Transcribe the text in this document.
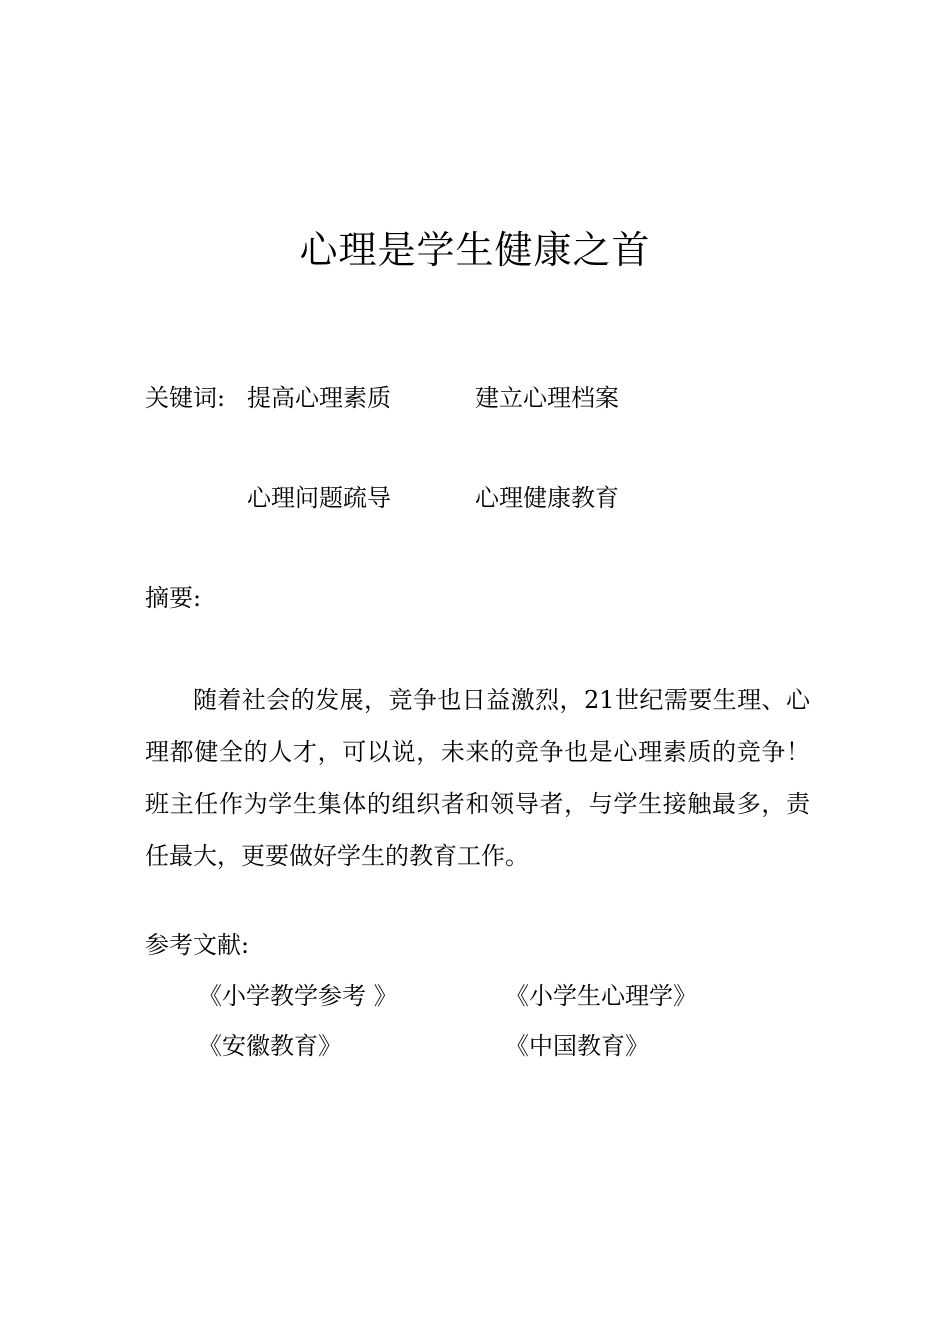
心理是学生健康之首
关键词: 提高心理素质	建立心理档案
心理问题疏导	心理健康教育
摘要:

随着社会的发展，竞争也日益激烈，21世纪需要生理、心理都健全的人才，可以说，未来的竞争也是心理素质的竞争！班主任作为学生集体的组织者和领导者，与学生接触最多，责任最大，更要做好学生的教育工作。

参考文献:
《小学教学参考 》	《小学生心理学》
《安徽教育》	《中国教育》
